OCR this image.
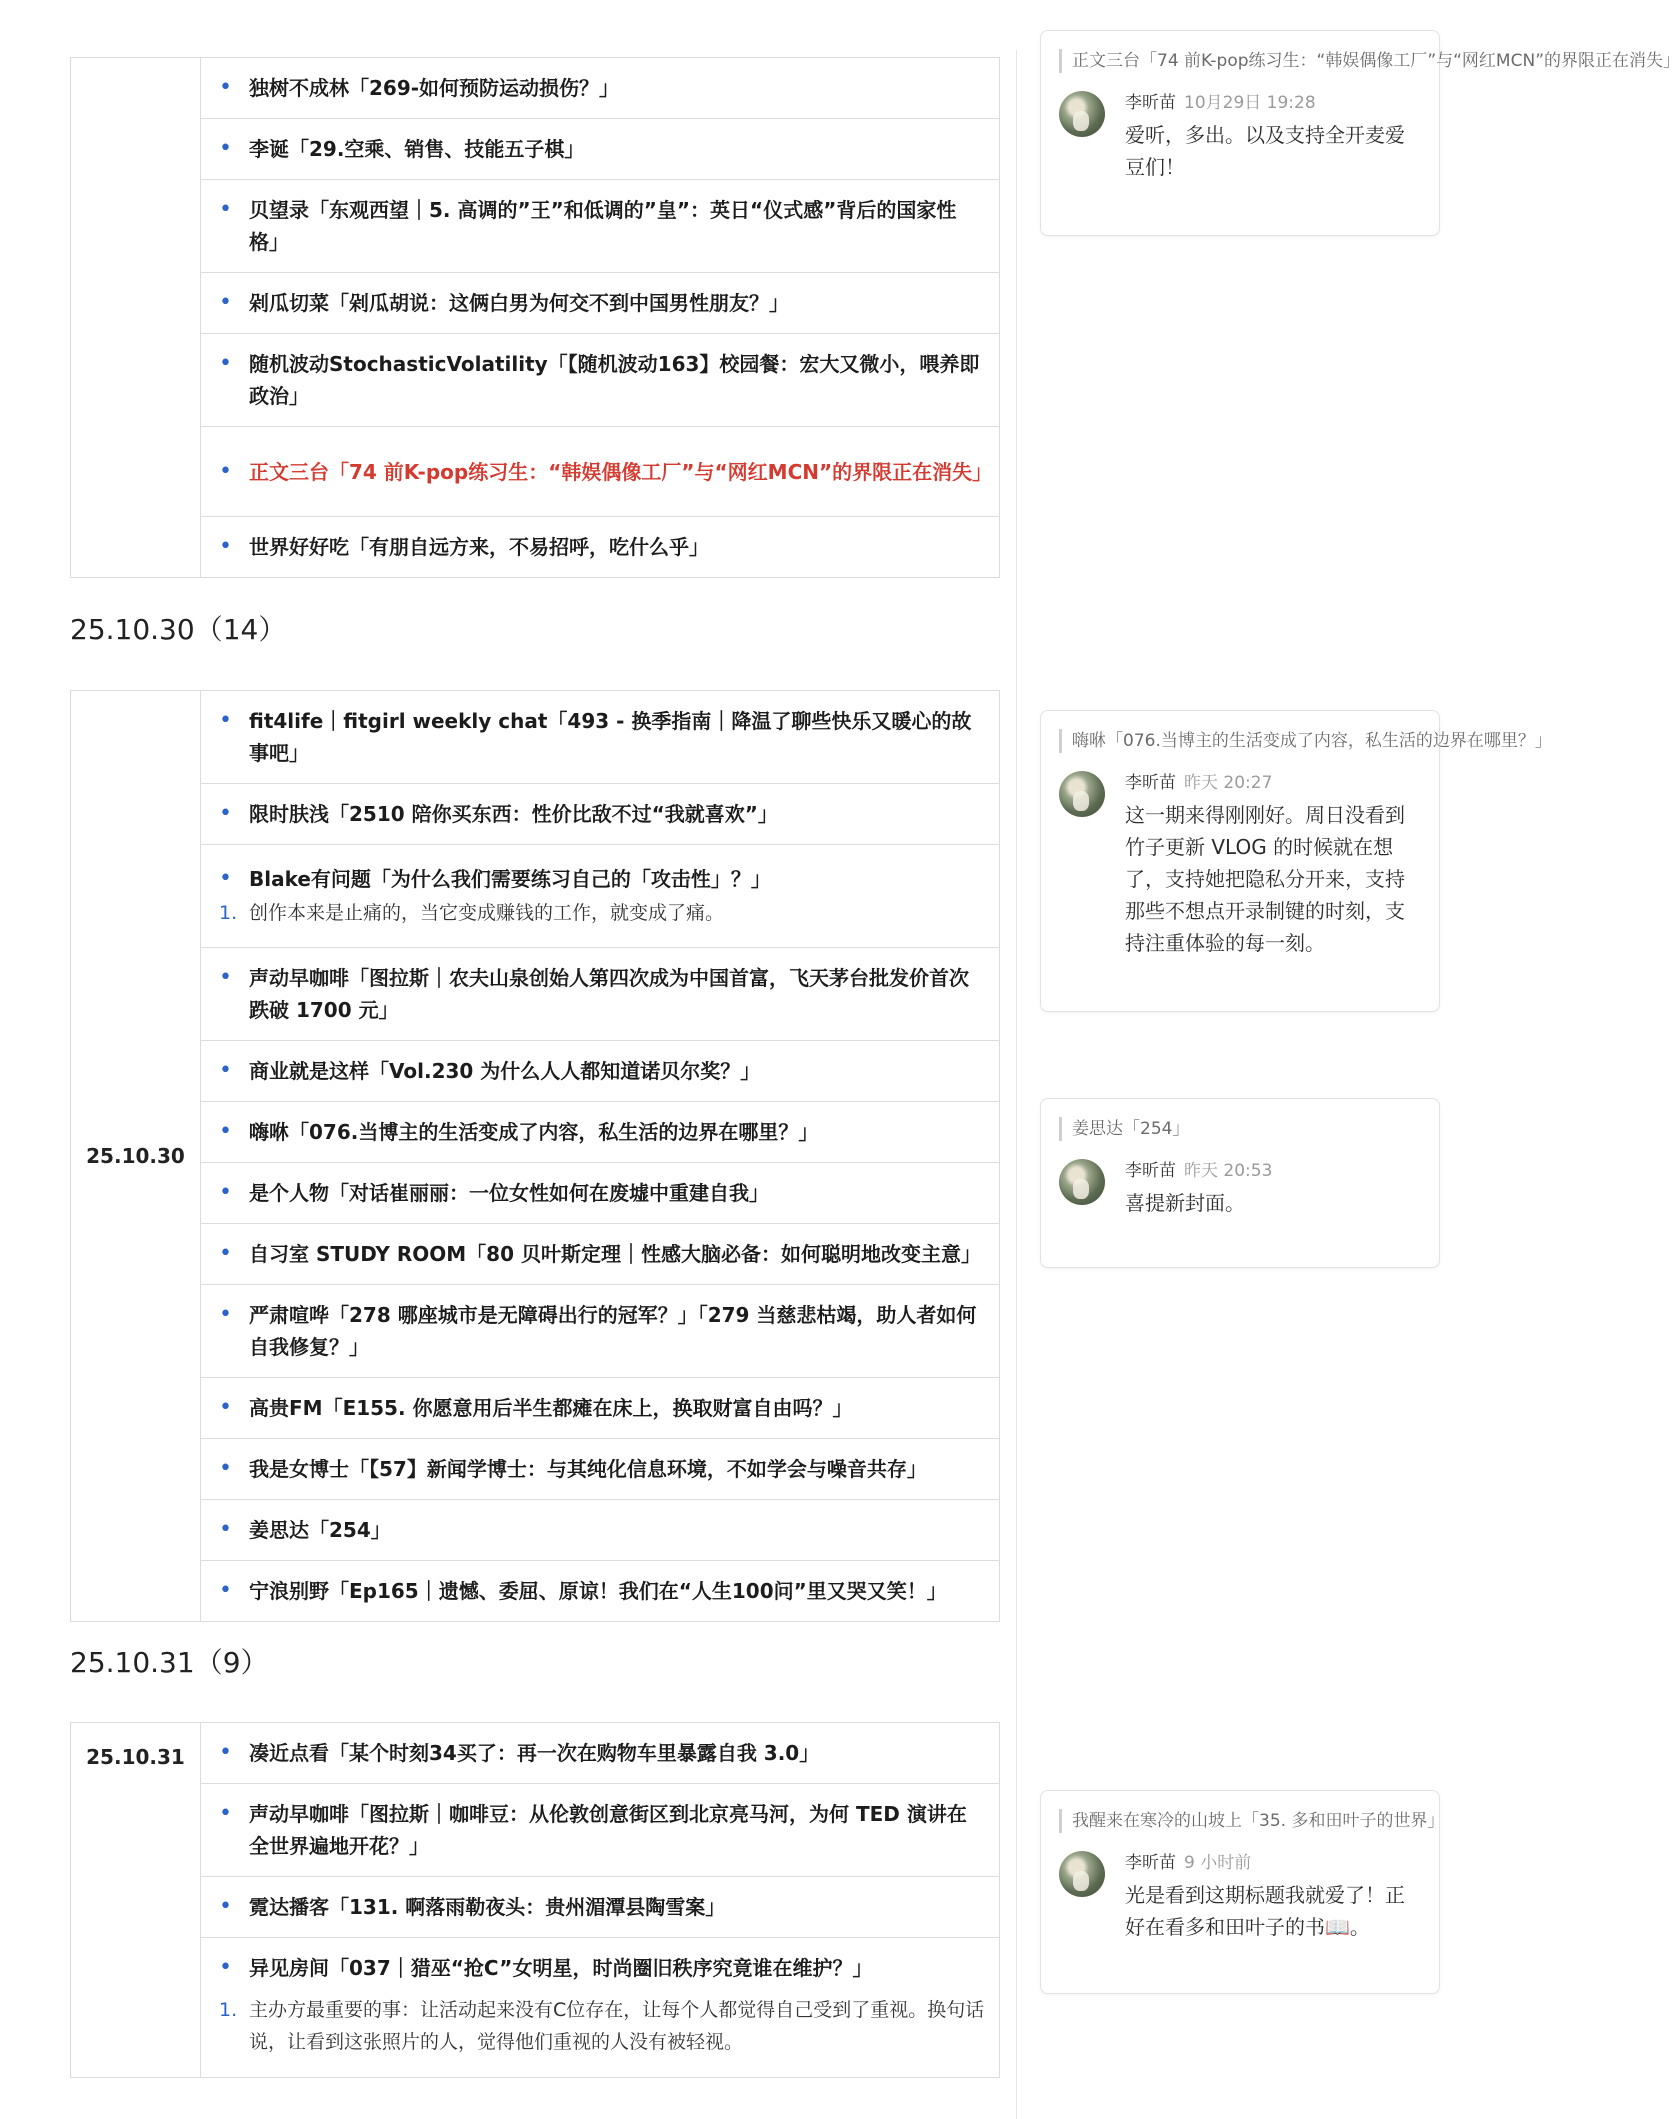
• 独树不成林「269-如何预防运动损伤？」

• 李诞「29.空乘、销售、技能五子棋」

• 贝望录「东观西望｜5. 高调的”王”和低调的”皇”：英日“仪式感”背后的国家性格」

• 剁瓜切菜「剁瓜胡说：这俩白男为何交不到中国男性朋友？」

• 随机波动StochasticVolatility「【随机波动163】校园餐：宏大又微小，喂养即政治」

• 正文三台「74 前K-pop练习生：“韩娱偶像工厂”与“网红MCN”的界限正在消失」

• 世界好好吃「有朋自远方来，不易招呼，吃什么乎」
25.10.30（14）
25.10.30	
• fit4life｜fitgirl weekly chat「493 - 换季指南｜降温了聊些快乐又暖心的故事吧」

• 限时肤浅「2510 陪你买东西：性价比敌不过“我就喜欢”」

• Blake有问题「为什么我们需要练习自己的「攻击性」？」
1. 创作本来是止痛的，当它变成赚钱的工作，就变成了痛。

• 声动早咖啡「图拉斯｜农夫山泉创始人第四次成为中国首富，飞天茅台批发价首次跌破 1700 元」

• 商业就是这样「Vol.230 为什么人人都知道诺贝尔奖？」

• 嗨咻「076.当博主的生活变成了内容，私生活的边界在哪里？」

• 是个人物「对话崔丽丽：一位女性如何在废墟中重建自我」

• 自习室 STUDY ROOM「80 贝叶斯定理｜性感大脑必备：如何聪明地改变主意」

• 严肃喧哗「278 哪座城市是无障碍出行的冠军？」「279 当慈悲枯竭，助人者如何自我修复？」

• 高贵FM「E155. 你愿意用后半生都瘫在床上，换取财富自由吗？」

• 我是女博士「【57】新闻学博士：与其纯化信息环境，不如学会与噪音共存」

• 姜思达「254」

• 宁浪别野「Ep165｜遗憾、委屈、原谅！我们在“人生100问”里又哭又笑！」
25.10.31（9）
25.10.31	• 凑近点看「某个时刻34买了：再一次在购物车里暴露自我 3.0」

• 声动早咖啡「图拉斯｜咖啡豆：从伦敦创意街区到北京亮马河，为何 TED 演讲在全世界遍地开花？」

• 霓达播客「131. 啊落雨勒夜头：贵州湄潭县陶雪案」

• 异见房间「037｜猎巫“抢C”女明星，时尚圈旧秩序究竟谁在维护？」
1. 主办方最重要的事：让活动起来没有C位存在，让每个人都觉得自己受到了重视。换句话说，让看到这张照片的人，觉得他们重视的人没有被轻视。
正文三台「74 前K-pop练习生：“韩娱偶像工厂”与“网红MCN”的界限正在消失」
李昕苗 10月29日 19:28
爱听，多出。以及支持全开麦爱豆们！
嗨咻「076.当博主的生活变成了内容，私生活的边界在哪里？」
李昕苗 昨天 20:27
这一期来得刚刚好。周日没看到竹子更新 VLOG 的时候就在想了，支持她把隐私分开来，支持那些不想点开录制键的时刻，支持注重体验的每一刻。
姜思达「254」
李昕苗 昨天 20:53
喜提新封面。
我醒来在寒冷的山坡上「35. 多和田叶子的世界」
李昕苗 9 小时前
光是看到这期标题我就爱了！正好在看多和田叶子的书📖。
